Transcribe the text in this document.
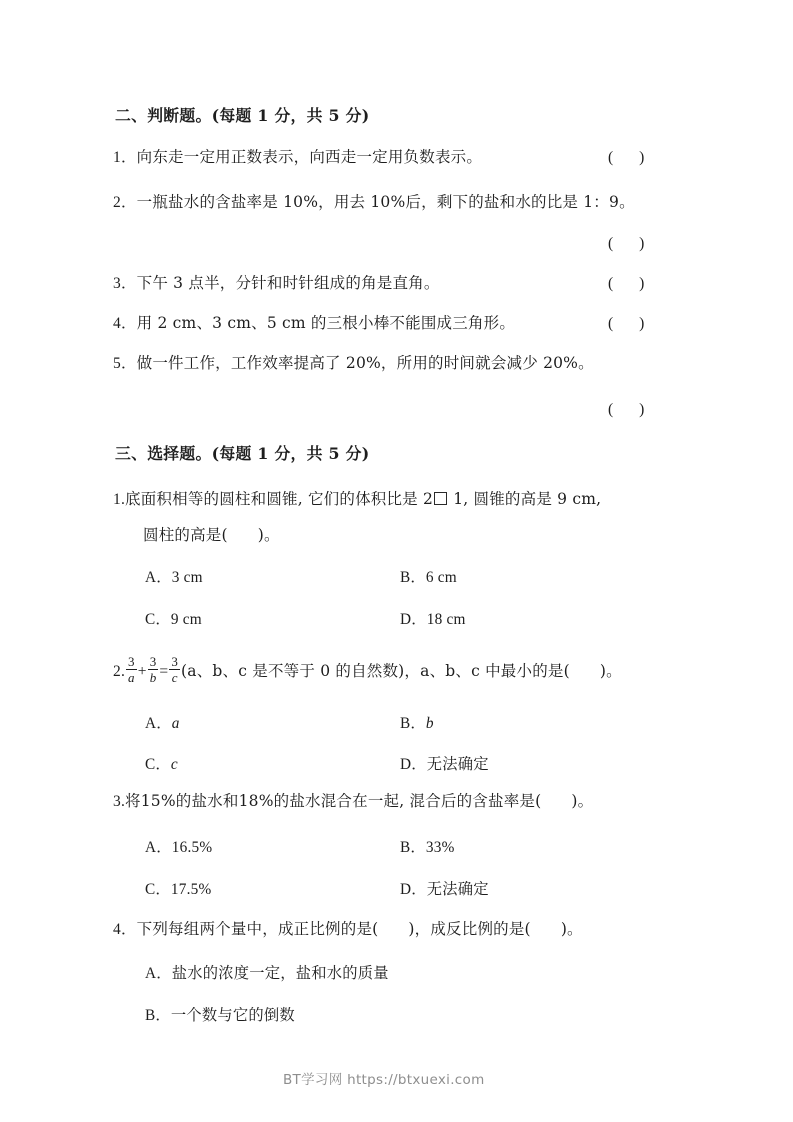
二、判断题。(每题 1 分，共 5 分)
1．向东走一定用正数表示，向西走一定用负数表示。	( )
2．一瓶盐水的含盐率是 10%，用去 10%后，剩下的盐和水的比是 1：9。
( )
3．下午 3 点半，分针和时针组成的角是直角。	( )
4．用 2 cm、3 cm、5 cm 的三根小棒不能围成三角形。	( )
5．做一件工作，工作效率提高了 20%，所用的时间就会减少 20%。
( )
三、选择题。(每题 1 分，共 5 分)
1.底面积相等的圆柱和圆锥, 它们的体积比是 2 1, 圆锥的高是 9 cm,
圆柱的高是( )。
A．3 cm	B．6 cm
C．9 cm	D．18 cm
2. $\frac{3}{a} + \frac{3}{b} = \frac{3}{c} (a$、b、c 是不等于 0 的自然数)，a、b、c 中最小的是( )。
A．a	B．b
C．c	D．无法确定
3.将15%的盐水和18%的盐水混合在一起, 混合后的含盐率是( )。
A．16.5%	B．33%
C．17.5%	D．无法确定
4．下列每组两个量中，成正比例的是( )，成反比例的是( )。
A．盐水的浓度一定，盐和水的质量
B．一个数与它的倒数
BT学习网 https://btxuexi.com
